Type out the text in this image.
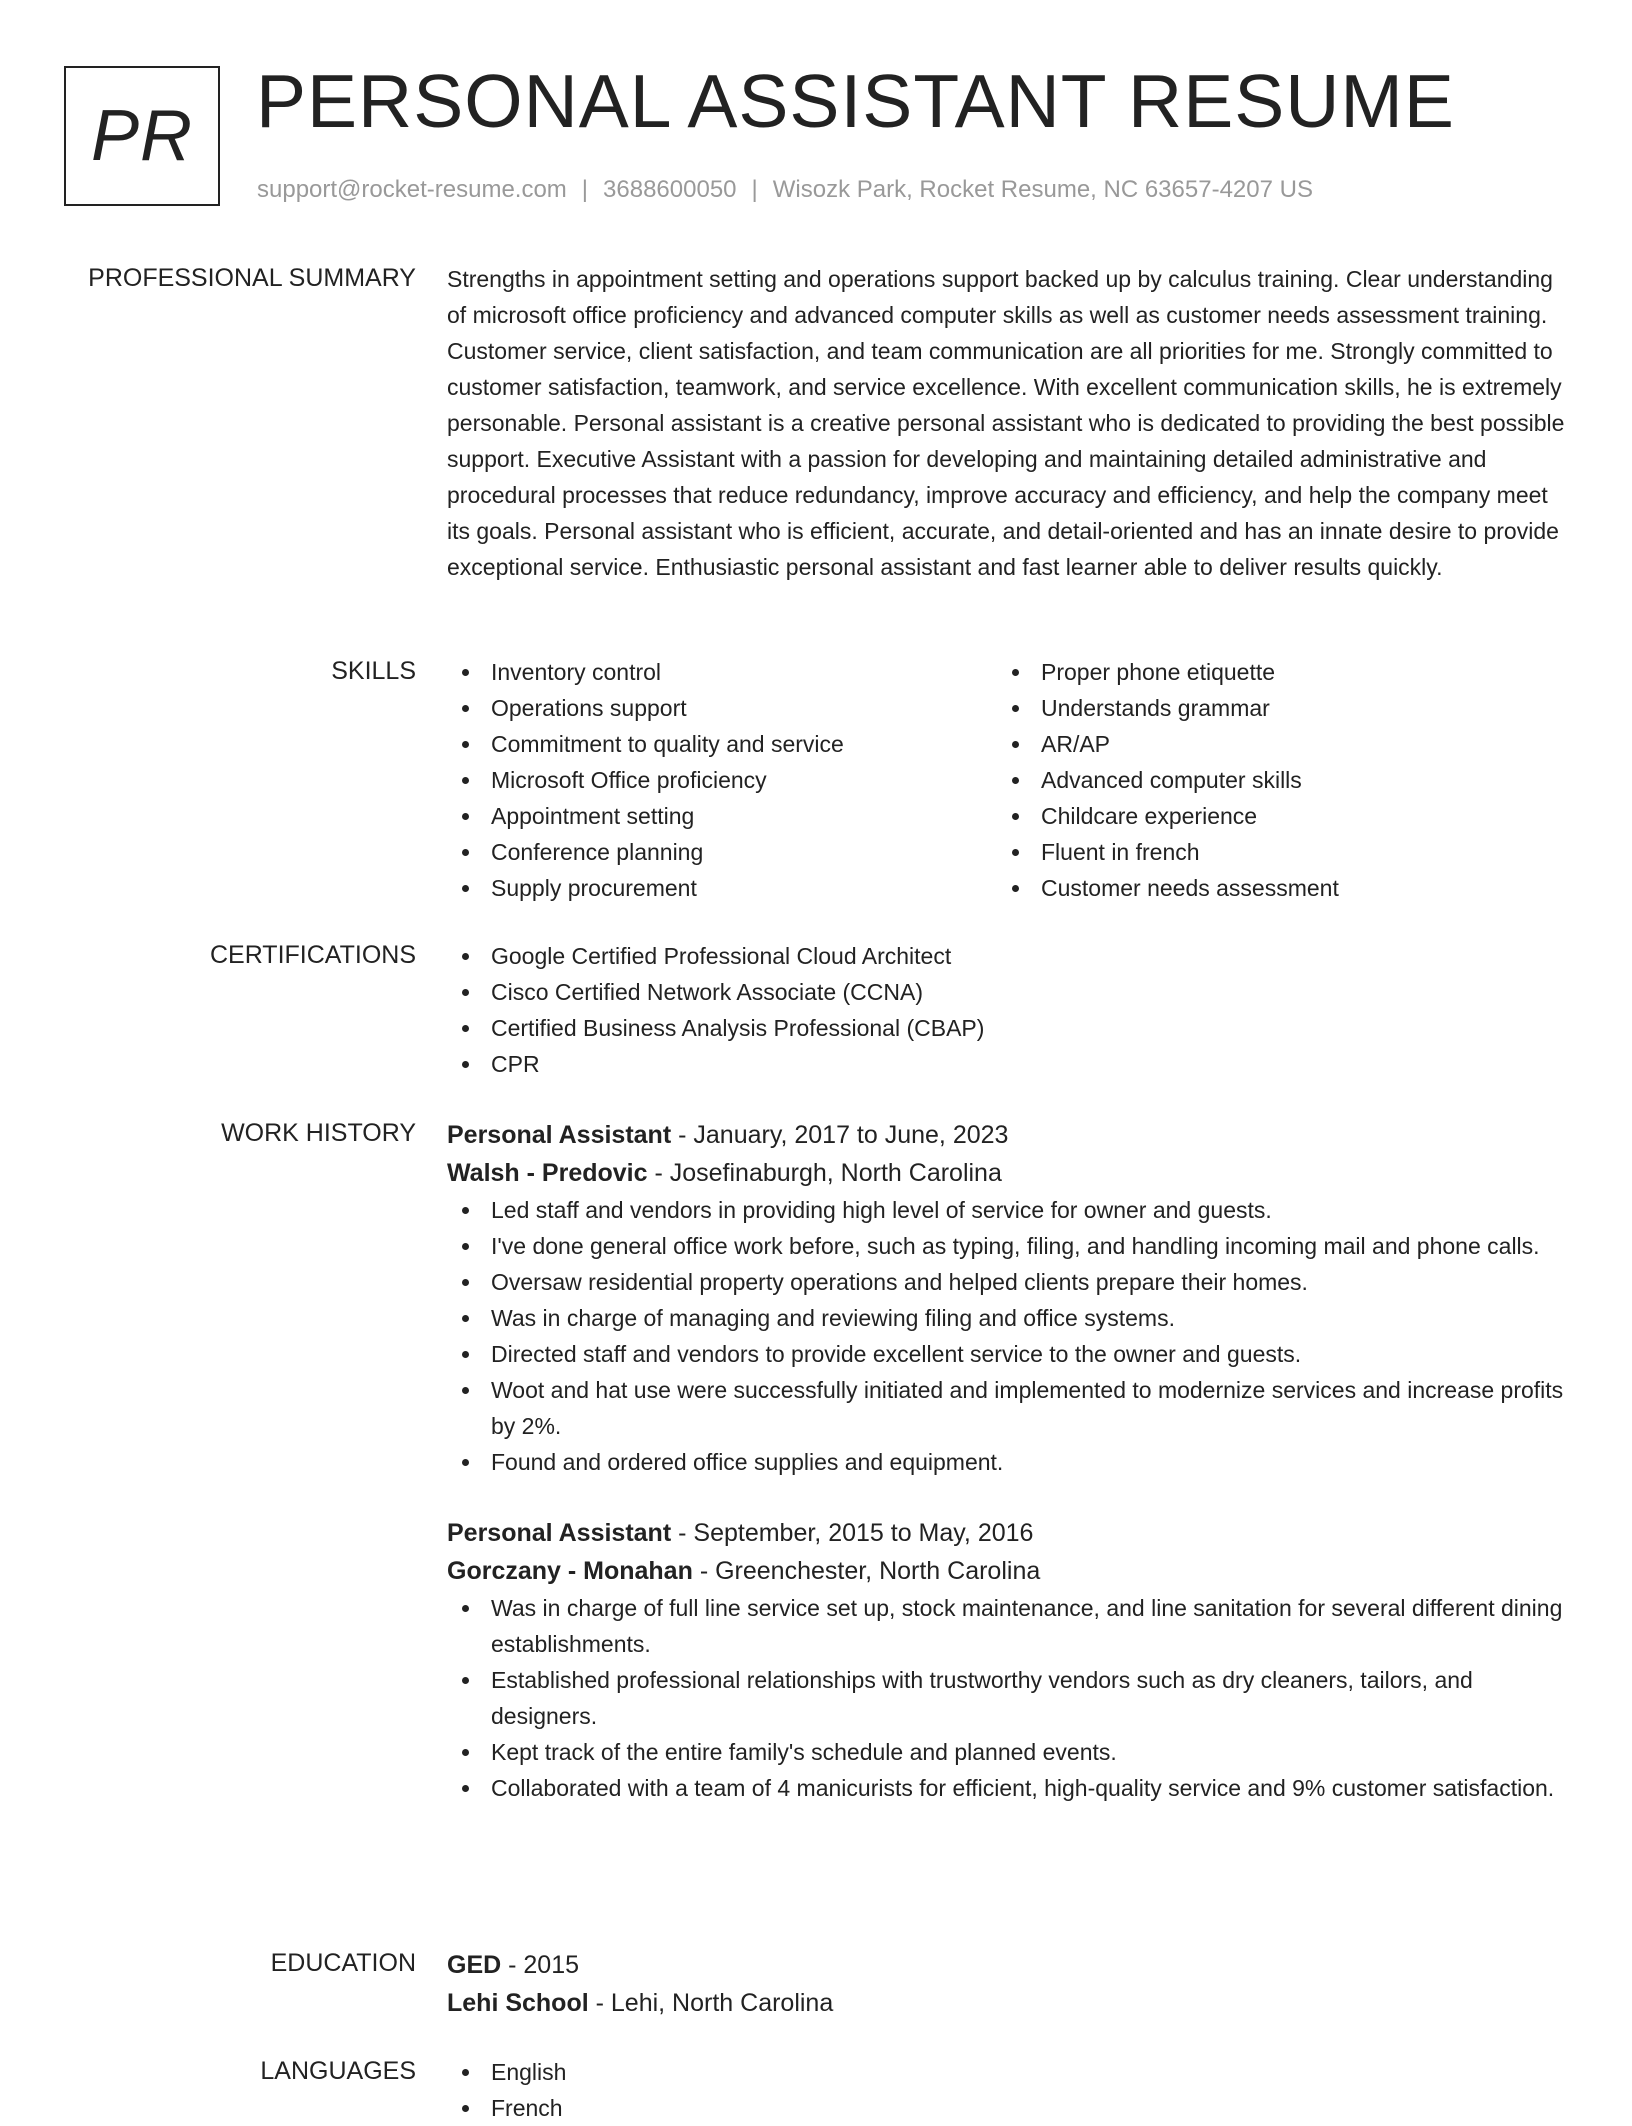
PR PERSONAL ASSISTANT RESUME
support@rocket-resume.com | 3688600050 | Wisozk Park, Rocket Resume, NC 63657-4207 US
PROFESSIONAL SUMMARY Strengths in appointment setting and operations support backed up by calculus training. Clear understanding of microsoft office proficiency and advanced computer skills as well as customer needs assessment training. Customer service, client satisfaction, and team communication are all priorities for me. Strongly committed to customer satisfaction, teamwork, and service excellence. With excellent communication skills, he is extremely personable. Personal assistant is a creative personal assistant who is dedicated to providing the best possible support. Executive Assistant with a passion for developing and maintaining detailed administrative and procedural processes that reduce redundancy, improve accuracy and efficiency, and help the company meet its goals. Personal assistant who is efficient, accurate, and detail-oriented and has an innate desire to provide exceptional service. Enthusiastic personal assistant and fast learner able to deliver results quickly.

SKILLS	Inventory control
Operations support
Commitment to quality and service
Microsoft Office proficiency
Appointment setting
Conference planning
Supply procurement
Proper phone etiquette
Understands grammar
AR/AP
Advanced computer skills
Childcare experience
Fluent in french
Customer needs assessment
CERTIFICATIONS	Google Certified Professional Cloud Architect
Cisco Certified Network Associate (CCNA)
Certified Business Analysis Professional (CBAP)
CPR
WORK HISTORY Personal Assistant - January, 2017 to June, 2023
Walsh - Predovic - Josefinaburgh, North Carolina
Led staff and vendors in providing high level of service for owner and guests.
I've done general office work before, such as typing, filing, and handling incoming mail and phone calls.
Oversaw residential property operations and helped clients prepare their homes.
Was in charge of managing and reviewing filing and office systems.
Directed staff and vendors to provide excellent service to the owner and guests.
Woot and hat use were successfully initiated and implemented to modernize services and increase profits by 2%.
Found and ordered office supplies and equipment.
Personal Assistant - September, 2015 to May, 2016
Gorczany - Monahan - Greenchester, North Carolina
Was in charge of full line service set up, stock maintenance, and line sanitation for several different dining establishments.
Established professional relationships with trustworthy vendors such as dry cleaners, tailors, and designers.
Kept track of the entire family's schedule and planned events.
Collaborated with a team of 4 manicurists for efficient, high-quality service and 9% customer satisfaction.
EDUCATION GED - 2015
Lehi School - Lehi, North Carolina
LANGUAGES	English
French
